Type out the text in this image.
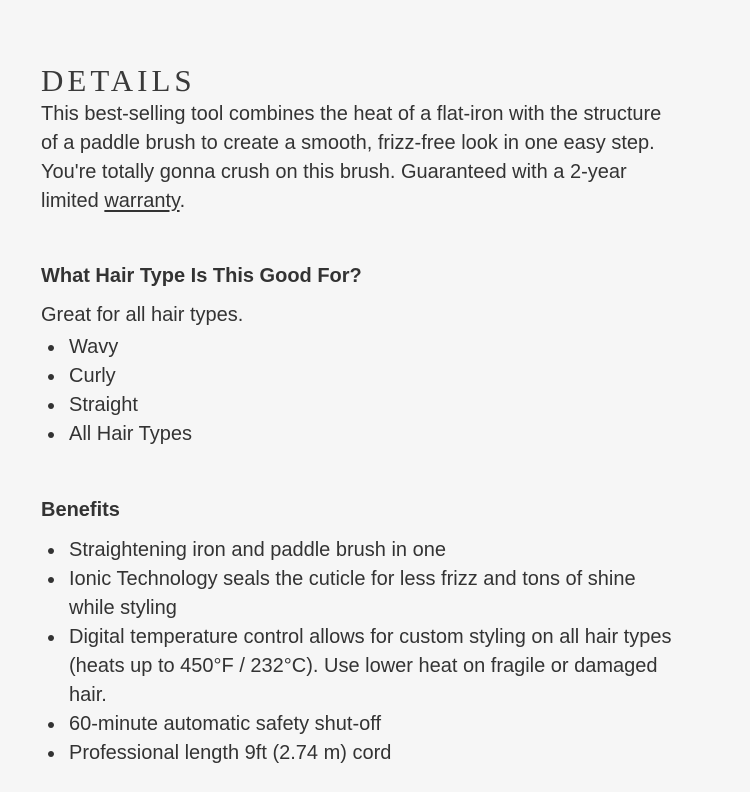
DETAILS

This best-selling tool combines the heat of a flat-iron with the structure of a paddle brush to create a smooth, frizz-free look in one easy step. You're totally gonna crush on this brush. Guaranteed with a 2-year limited warranty.

What Hair Type Is This Good For?

Great for all hair types.

Wavy
Curly
Straight
All Hair Types
Benefits
Straightening iron and paddle brush in one
Ionic Technology seals the cuticle for less frizz and tons of shine while styling
Digital temperature control allows for custom styling on all hair types (heats up to 450°F / 232°C). Use lower heat on fragile or damaged hair.
60-minute automatic safety shut-off
Professional length 9ft (2.74 m) cord
